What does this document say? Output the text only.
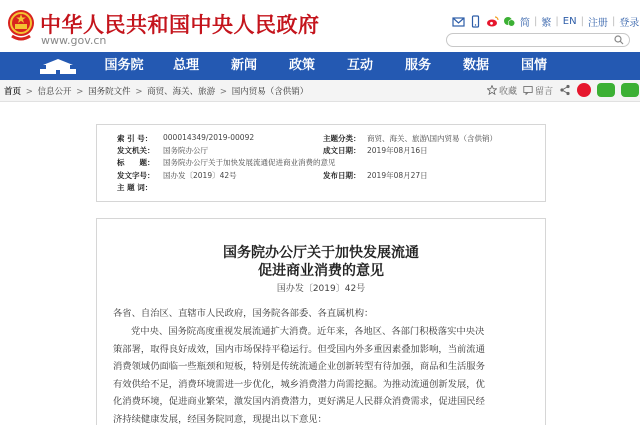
中华人民共和国中央人民政府
www.gov.cn
简 | 繁 | EN | 注册 | 登录
国务院	总理	新闻	政策	互动	服务	数据	国情
首页 > 信息公开 > 国务院文件 > 商贸、海关、旅游 > 国内贸易（含供销）	收藏 留言
索 引 号： 000014349/2019-00092	主题分类： 商贸、海关、旅游\国内贸易（含供销）
发文机关： 国务院办公厅	成文日期： 2019年08月16日
标　　题： 国务院办公厅关于加快发展流通促进商业消费的意见
发文字号： 国办发〔2019〕42号	发布日期： 2019年08月27日
主 题 词：
国务院办公厅关于加快发展流通
促进商业消费的意见
国办发〔2019〕42号
各省、自治区、直辖市人民政府，国务院各部委、各直属机构：
党中央、国务院高度重视发展流通扩大消费。近年来，各地区、各部门积极落实中央决
策部署，取得良好成效，国内市场保持平稳运行。但受国内外多重因素叠加影响，当前流通
消费领域仍面临一些瓶颈和短板，特别是传统流通企业创新转型有待加强，商品和生活服务
有效供给不足，消费环境需进一步优化，城乡消费潜力尚需挖掘。为推动流通创新发展，优
化消费环境，促进商业繁荣，激发国内消费潜力，更好满足人民群众消费需求，促进国民经
济持续健康发展，经国务院同意，现提出以下意见：
